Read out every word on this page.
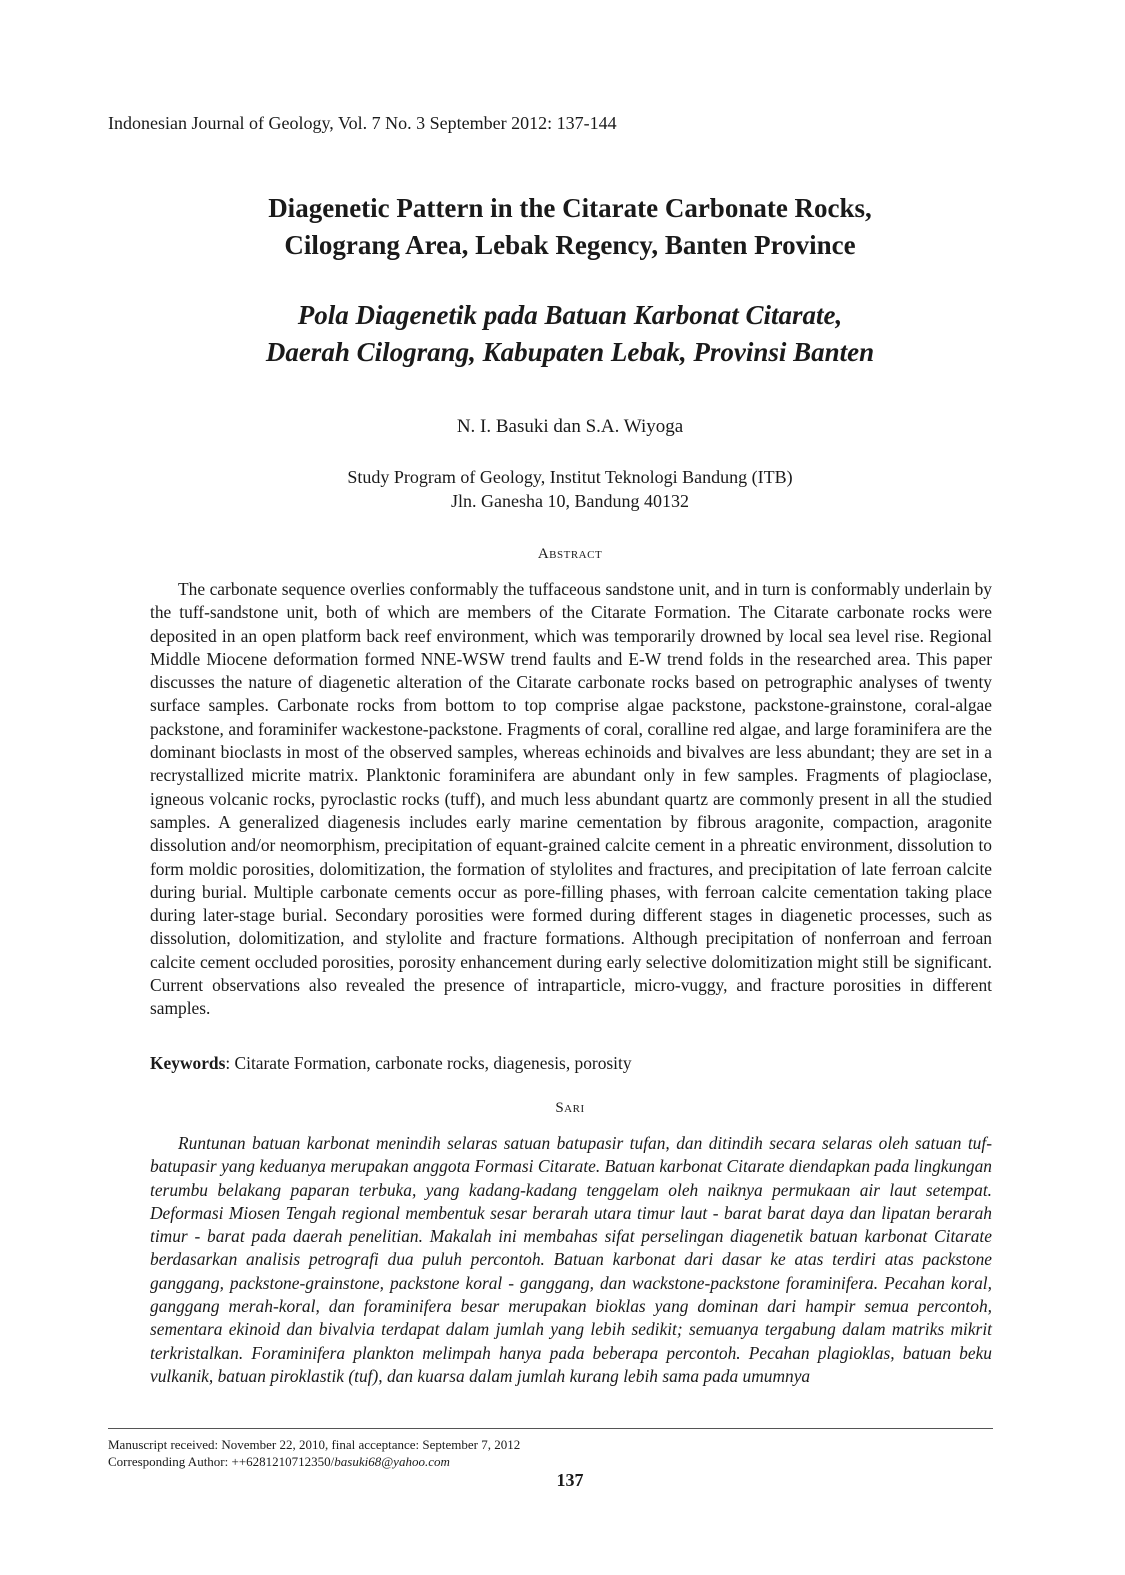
Indonesian Journal of Geology, Vol. 7 No. 3 September 2012: 137-144
Diagenetic Pattern in the Citarate Carbonate Rocks,
Cilograng Area, Lebak Regency, Banten Province
Pola Diagenetik pada Batuan Karbonat Citarate,
Daerah Cilograng, Kabupaten Lebak, Provinsi Banten
N. I. Basuki dan S.A. Wiyoga
Study Program of Geology, Institut Teknologi Bandung (ITB)
Jln. Ganesha 10, Bandung 40132
Abstract

The carbonate sequence overlies conformably the tuffaceous sandstone unit, and in turn is conformably underlain by the tuff-sandstone unit, both of which are members of the Citarate Formation. The Citarate carbonate rocks were deposited in an open platform back reef environment, which was temporarily drowned by local sea level rise. Regional Middle Miocene deformation formed NNE-WSW trend faults and E-W trend folds in the researched area. This paper discusses the nature of diagenetic alteration of the Citarate carbonate rocks based on petrographic analyses of twenty surface samples. Carbonate rocks from bottom to top comprise algae packstone, packstone-grainstone, coral-algae packstone, and foraminifer wackestone-packstone. Fragments of coral, coralline red algae, and large foraminifera are the dominant bioclasts in most of the observed samples, whereas echinoids and bivalves are less abundant; they are set in a recrystallized micrite matrix. Planktonic foraminifera are abundant only in few samples. Fragments of plagioclase, igneous volcanic rocks, pyroclastic rocks (tuff), and much less abundant quartz are commonly present in all the studied samples. A generalized diagenesis includes early marine cementation by fibrous aragonite, compaction, aragonite dissolution and/or neomorphism, precipitation of equant-grained calcite cement in a phreatic environment, dissolution to form moldic porosities, dolomitization, the formation of stylolites and fractures, and precipitation of late ferroan calcite during burial. Multiple carbonate cements occur as pore-filling phases, with ferroan calcite cementation taking place during later-stage burial. Secondary porosities were formed during different stages in diagenetic processes, such as dissolution, dolomitization, and stylolite and fracture formations. Although precipitation of nonferroan and ferroan calcite cement occluded porosities, porosity enhancement during early selective dolomitization might still be significant. Current observations also revealed the presence of intraparticle, micro-vuggy, and fracture porosities in different samples.

Keywords: Citarate Formation, carbonate rocks, diagenesis, porosity

Sari

Runtunan batuan karbonat menindih selaras satuan batupasir tufan, dan ditindih secara selaras oleh satuan tuf-batupasir yang keduanya merupakan anggota Formasi Citarate. Batuan karbonat Citarate diendapkan pada lingkungan terumbu belakang paparan terbuka, yang kadang-kadang tenggelam oleh naiknya permukaan air laut setempat. Deformasi Miosen Tengah regional membentuk sesar berarah utara timur laut - barat barat daya dan lipatan berarah timur - barat pada daerah penelitian. Makalah ini membahas sifat perselingan diagenetik batuan karbonat Citarate berdasarkan analisis petrografi dua puluh percontoh. Batuan karbonat dari dasar ke atas terdiri atas packstone ganggang, packstone-grainstone, packstone koral - ganggang, dan wackstone-packstone foraminifera. Pecahan koral, ganggang merah-koral, dan foraminifera besar merupakan bioklas yang dominan dari hampir semua percontoh, sementara ekinoid dan bivalvia terdapat dalam jumlah yang lebih sedikit; semuanya tergabung dalam matriks mikrit terkristalkan. Foraminifera plankton melimpah hanya pada beberapa percontoh. Pecahan plagioklas, batuan beku vulkanik, batuan piroklastik (tuf), dan kuarsa dalam jumlah kurang lebih sama pada umumnya

Manuscript received: November 22, 2010, final acceptance: September 7, 2012
Corresponding Author: ++6281210712350/basuki68@yahoo.com
137
